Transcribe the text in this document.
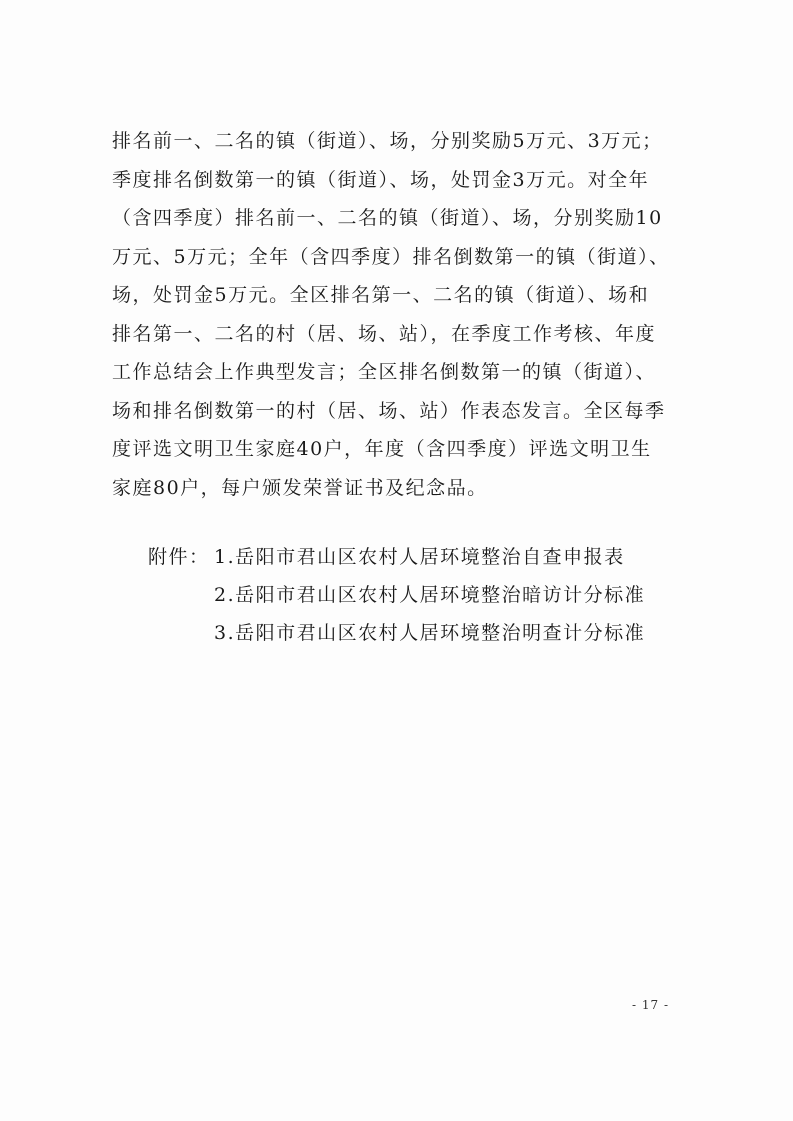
排名前一、二名的镇（街道）、场，分别奖励5万元、3万元；
季度排名倒数第一的镇（街道）、场，处罚金3万元。对全年
（含四季度）排名前一、二名的镇（街道）、场，分别奖励10
万元、5万元；全年（含四季度）排名倒数第一的镇（街道）、
场，处罚金5万元。全区排名第一、二名的镇（街道）、场和
排名第一、二名的村（居、场、站），在季度工作考核、年度
工作总结会上作典型发言；全区排名倒数第一的镇（街道）、
场和排名倒数第一的村（居、场、站）作表态发言。全区每季
度评选文明卫生家庭40户，年度（含四季度）评选文明卫生
家庭80户，每户颁发荣誉证书及纪念品。
附件： 1.岳阳市君山区农村人居环境整治自查申报表
2.岳阳市君山区农村人居环境整治暗访计分标准
3.岳阳市君山区农村人居环境整治明查计分标准
- 17 -
